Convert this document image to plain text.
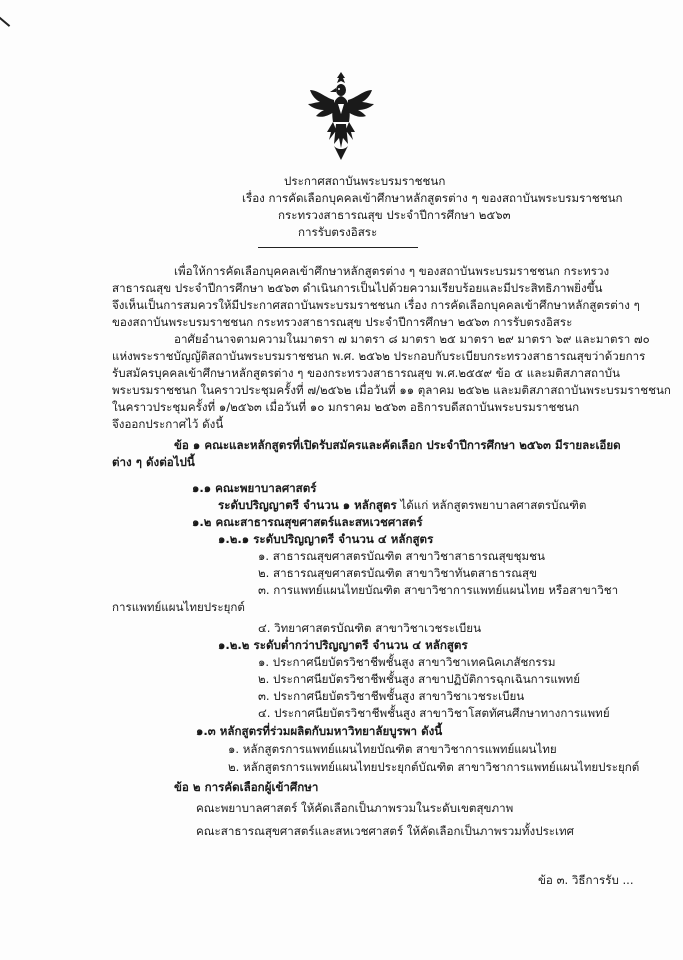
ประกาศสถาบันพระบรมราชชนก
เรื่อง การคัดเลือกบุคคลเข้าศึกษาหลักสูตรต่าง ๆ ของสถาบันพระบรมราชชนก
กระทรวงสาธารณสุข ประจำปีการศึกษา ๒๕๖๓
การรับตรงอิสระ
เพื่อให้การคัดเลือกบุคคลเข้าศึกษาหลักสูตรต่าง ๆ ของสถาบันพระบรมราชชนก กระทรวง
สาธารณสุข ประจำปีการศึกษา ๒๕๖๓ ดำเนินการเป็นไปด้วยความเรียบร้อยและมีประสิทธิภาพยิ่งขึ้น
จึงเห็นเป็นการสมควรให้มีประกาศสถาบันพระบรมราชชนก เรื่อง การคัดเลือกบุคคลเข้าศึกษาหลักสูตรต่าง ๆ
ของสถาบันพระบรมราชชนก กระทรวงสาธารณสุข ประจำปีการศึกษา ๒๕๖๓ การรับตรงอิสระ
อาศัยอำนาจตามความในมาตรา ๗ มาตรา ๘ มาตรา ๒๕ มาตรา ๒๙ มาตรา ๖๙ และมาตรา ๗๐
แห่งพระราชบัญญัติสถาบันพระบรมราชชนก พ.ศ. ๒๕๖๒ ประกอบกับระเบียบกระทรวงสาธารณสุขว่าด้วยการ
รับสมัครบุคคลเข้าศึกษาหลักสูตรต่าง ๆ ของกระทรวงสาธารณสุข พ.ศ.๒๕๕๙ ข้อ ๕ และมติสภาสถาบัน
พระบรมราชชนก ในคราวประชุมครั้งที่ ๗/๒๕๖๒ เมื่อวันที่ ๑๑ ตุลาคม ๒๕๖๒ และมติสภาสถาบันพระบรมราชชนก
ในคราวประชุมครั้งที่ ๑/๒๕๖๓ เมื่อวันที่ ๑๐ มกราคม ๒๕๖๓ อธิการบดีสถาบันพระบรมราชชนก
จึงออกประกาศไว้ ดังนี้
ข้อ ๑ คณะและหลักสูตรที่เปิดรับสมัครและคัดเลือก ประจำปีการศึกษา ๒๕๖๓ มีรายละเอียด
ต่าง ๆ ดังต่อไปนี้
๑.๑ คณะพยาบาลศาสตร์
ระดับปริญญาตรี จำนวน ๑ หลักสูตร ได้แก่ หลักสูตรพยาบาลศาสตรบัณฑิต
๑.๒ คณะสาธารณสุขศาสตร์และสหเวชศาสตร์
๑.๒.๑ ระดับปริญญาตรี จำนวน ๔ หลักสูตร
๑. สาธารณสุขศาสตรบัณฑิต สาขาวิชาสาธารณสุขชุมชน
๒. สาธารณสุขศาสตรบัณฑิต สาขาวิชาทันตสาธารณสุข
๓. การแพทย์แผนไทยบัณฑิต สาขาวิชาการแพทย์แผนไทย หรือสาขาวิชา
การแพทย์แผนไทยประยุกต์
๔. วิทยาศาสตรบัณฑิต สาขาวิชาเวชระเบียน
๑.๒.๒ ระดับต่ำกว่าปริญญาตรี จำนวน ๔ หลักสูตร
๑. ประกาศนียบัตรวิชาชีพชั้นสูง สาขาวิชาเทคนิคเภสัชกรรม
๒. ประกาศนียบัตรวิชาชีพชั้นสูง สาขาปฏิบัติการฉุกเฉินการแพทย์
๓. ประกาศนียบัตรวิชาชีพชั้นสูง สาขาวิชาเวชระเบียน
๔. ประกาศนียบัตรวิชาชีพชั้นสูง สาขาวิชาโสตทัศนศึกษาทางการแพทย์
๑.๓ หลักสูตรที่ร่วมผลิตกับมหาวิทยาลัยบูรพา ดังนี้
๑. หลักสูตรการแพทย์แผนไทยบัณฑิต สาขาวิชาการแพทย์แผนไทย
๒. หลักสูตรการแพทย์แผนไทยประยุกต์บัณฑิต สาขาวิชาการแพทย์แผนไทยประยุกต์
ข้อ ๒ การคัดเลือกผู้เข้าศึกษา
คณะพยาบาลศาสตร์ ให้คัดเลือกเป็นภาพรวมในระดับเขตสุขภาพ
คณะสาธารณสุขศาสตร์และสหเวชศาสตร์ ให้คัดเลือกเป็นภาพรวมทั้งประเทศ
ข้อ ๓. วิธีการรับ ...
